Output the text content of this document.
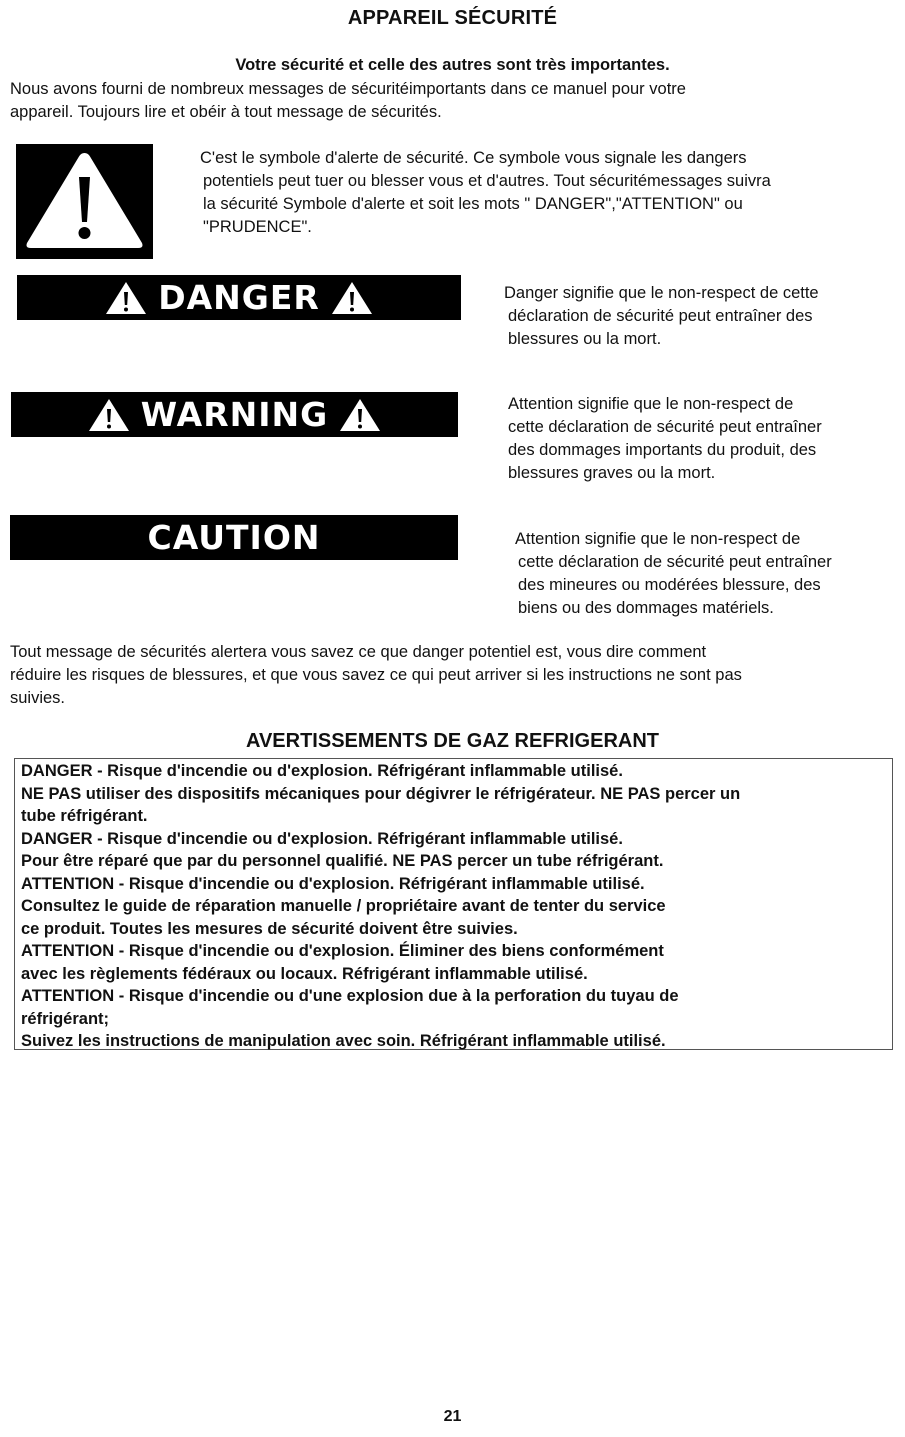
APPAREIL SÉCURITÉ
Votre sécurité et celle des autres sont très importantes.
Nous avons fourni de nombreux messages de sécuritéimportants dans ce manuel pour votre
appareil. Toujours lire et obéir à tout message de sécurités.
C'est le symbole d'alerte de sécurité. Ce symbole vous signale les dangers
potentiels peut tuer ou blesser vous et d'autres. Tout sécuritémessages suivra
la sécurité Symbole d'alerte et soit les mots " DANGER","ATTENTION" ou
"PRUDENCE".
DANGER	Danger signifie que le non-respect de cette
déclaration de sécurité peut entraîner des
blessures ou la mort.
WARNING	Attention signifie que le non-respect de
cette déclaration de sécurité peut entraîner
des dommages importants du produit, des
blessures graves ou la mort.
CAUTION	Attention signifie que le non-respect de
cette déclaration de sécurité peut entraîner
des mineures ou modérées blessure, des
biens ou des dommages matériels.
Tout message de sécurités alertera vous savez ce que danger potentiel est, vous dire comment
réduire les risques de blessures, et que vous savez ce qui peut arriver si les instructions ne sont pas
suivies.
AVERTISSEMENTS DE GAZ REFRIGERANT
DANGER - Risque d'incendie ou d'explosion. Réfrigérant inflammable utilisé.
NE PAS utiliser des dispositifs mécaniques pour dégivrer le réfrigérateur. NE PAS percer un
tube réfrigérant.
DANGER - Risque d'incendie ou d'explosion. Réfrigérant inflammable utilisé.
Pour être réparé que par du personnel qualifié. NE PAS percer un tube réfrigérant.
ATTENTION - Risque d'incendie ou d'explosion. Réfrigérant inflammable utilisé.
Consultez le guide de réparation manuelle / propriétaire avant de tenter du service
ce produit. Toutes les mesures de sécurité doivent être suivies.
ATTENTION - Risque d'incendie ou d'explosion. Éliminer des biens conformément
avec les règlements fédéraux ou locaux. Réfrigérant inflammable utilisé.
ATTENTION - Risque d'incendie ou d'une explosion due à la perforation du tuyau de
réfrigérant;
Suivez les instructions de manipulation avec soin. Réfrigérant inflammable utilisé.
21
